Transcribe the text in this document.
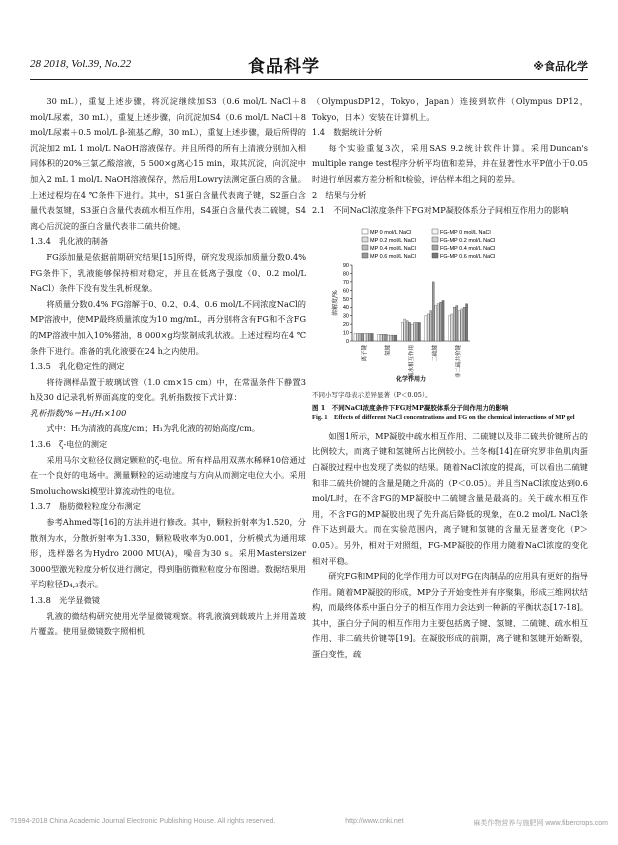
28 2018, Vol.39, No.22	食品科学	※食品化学

30 mL），重复上述步骤，将沉淀继续加S3（0.6 mol/L NaCl＋8 mol/L尿素，30 mL），重复上述步骤，向沉淀加S4（0.6 mol/L NaCl＋8 mol/L尿素＋0.5 mol/L β-巯基乙醇，30 mL），重复上述步骤，最后所得的沉淀加2 mL 1 mol/L NaOH溶液保存。并且所得的所有上清液分别加入相同体积的20%三氯乙酸溶液，5 500×g离心15 min，取其沉淀，向沉淀中加入2 mL 1 mol/L NaOH溶液保存，然后用Lowry法测定蛋白质的含量。上述过程均在4 ℃条件下进行。其中，S1蛋白含量代表离子键，S2蛋白含量代表氢键，S3蛋白含量代表疏水相互作用，S4蛋白含量代表二硫键，S4离心后沉淀的蛋白含量代表非二硫共价键。

1.3.4　乳化液的制备

FG添加量是依据前期研究结果[15]所得，研究发现添加质量分数0.4% FG条件下，乳液能够保持相对稳定，并且在低离子强度（0、0.2 mol/L NaCl）条件下没有发生乳析现象。

将质量分数0.4% FG溶解于0、0.2、0.4、0.6 mol/L不同浓度NaCl的MP溶液中，使MP最终质量浓度为10 mg/mL，再分别将含有FG和不含FG的MP溶液中加入10%猪油，8 000×g均浆制成乳状液。上述过程均在4 ℃条件下进行。准备的乳化液要在24 h之内使用。

1.3.5　乳化稳定性的测定

将待测样品置于玻璃试管（1.0 cm×15 cm）中，在常温条件下静置3 h及30 d记录乳析界面高度的变化。乳析指数按下式计算：

乳析指数/%＝H₁/Hₜ×100

式中：Hₜ为清液的高度/cm；H₁为乳化液的初始高度/cm。

1.3.6　ζ-电位的测定

采用马尔文粒径仪测定颗粒的ζ-电位。所有样品用双蒸水稀释10倍通过在一个良好的电场中。测量颗粒的运动速度与方向从而测定电位大小。采用Smoluchowski模型计算流动性的电位。

1.3.7　脂肪微粒粒度分布测定

参考Ahmed等[16]的方法并进行修改。其中，颗粒折射率为1.520，分散剂为水，分散折射率为1.330，颗粒吸收率为0.001，分析模式为通用球形，选样器名为Hydro 2000 MU(A)，噪音为30 s。采用Mastersizer 3000型激光粒度分析仪进行测定，得到脂肪微粒粒度分布图谱。数据结果用平均粒径D₄,₃表示。

1.3.8　光学显微镜

乳液的微结构研究使用光学显微镜观察。将乳液滴到载玻片上并用盖玻片覆盖。使用显微镜数字照相机

（OlympusDP12，Tokyo，Japan）连接到软件（Olympus DP12，Tokyo，日本）安装在计算机上。

1.4　数据统计分析

每个实验重复3次，采用SAS 9.2统计软件计算。采用Duncan's multiple range test程序分析平均值和差异，并在显著性水平P值小于0.05时进行单因素方差分析和t检验，评估样本组之间的差异。

2　结果与分析

2.1　不同NaCl浓度条件下FG对MP凝胶体系分子间相互作用力的影响

MP 0 mol/L NaCl
MP 0.2 mol/L NaCl
MP 0.4 mol/L NaCl
MP 0.6 mol/L NaCl
FG-MP 0 mol/L NaCl
FG-MP 0.2 mol/L NaCl
FG-MP 0.4 mol/L NaCl
FG-MP 0.6 mol/L NaCl
0
10
20
30
40
50
60
70
80
90
溶解度/%
离子键	氢键	疏水相互作用	二硫键	非二硫共价键
化学作用力

不同小写字母表示差异显著（P＜0.05）。

图 1　不同NaCl浓度条件下FG对MP凝胶体系分子间作用力的影响

Fig. 1　Effects of different NaCl concentrations and FG on the chemical interactions of MP gel

如图1所示，MP凝胶中疏水相互作用、二硫键以及非二硫共价键所占的比例较大，而离子键和氢键所占比例较小。兰冬梅[14]在研究罗非鱼肌肉蛋白凝胶过程中也发现了类似的结果。随着NaCl浓度的提高，可以看出二硫键和非二硫共价键的含量是随之升高的（P＜0.05）。并且当NaCl浓度达到0.6 mol/L时，在不含FG的MP凝胶中二硫键含量是最高的。关于疏水相互作用，不含FG的MP凝胶出现了先升高后降低的现象，在0.2 mol/L NaCl条件下达到最大。而在实验范围内，离子键和氢键的含量无显著变化（P＞0.05）。另外，相对于对照组，FG-MP凝胶的作用力随着NaCl浓度的变化相对平稳。

研究FG和MP间的化学作用力可以对FG在肉制品的应用具有更好的指导作用。随着MP凝胶的形成，MP分子开始变性并有序聚集，形成三维网状结构，而最终体系中蛋白分子的相互作用力会达到一种新的平衡状态[17-18]。其中，蛋白分子间的相互作用力主要包括离子键、氢键、二硫键、疏水相互作用、非二硫共价键等[19]。在凝胶形成的前期，离子键和氢键开始断裂，蛋白变性，疏

?1994-2018 China Academic Journal Electronic Publishing House. All rights reserved.	http://www.cnki.net	麻类作物营养与施肥网 www.fibercrops.com
